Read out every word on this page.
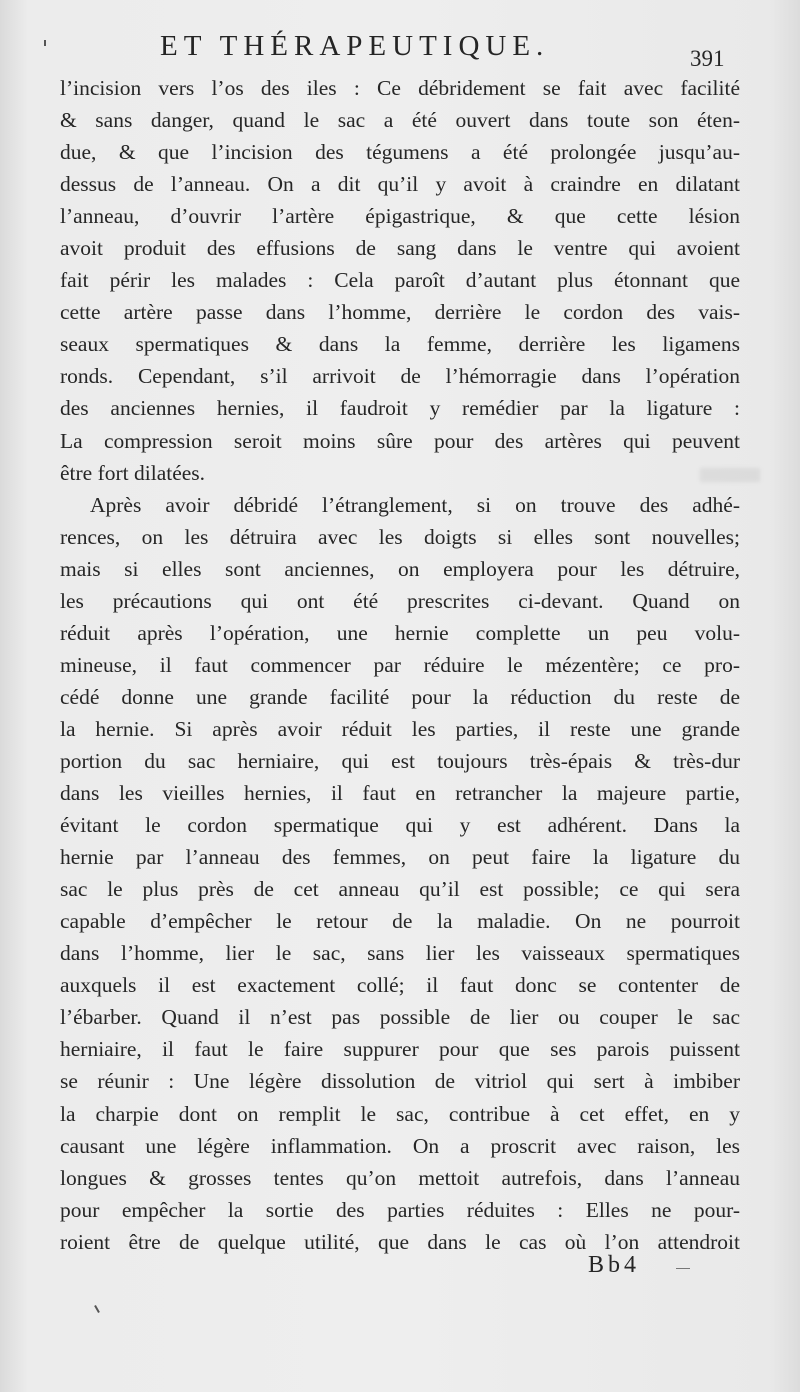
ET THÉRAPEUTIQUE.	391
l’incision vers l’os des iles : Ce débridement se fait avec facilité
& sans danger, quand le sac a été ouvert dans toute son éten-
due, & que l’incision des tégumens a été prolongée jusqu’au-
dessus de l’anneau. On a dit qu’il y avoit à craindre en dilatant
l’anneau, d’ouvrir l’artère épigastrique, & que cette lésion
avoit produit des effusions de sang dans le ventre qui avoient
fait périr les malades : Cela paroît d’autant plus étonnant que
cette artère passe dans l’homme, derrière le cordon des vais-
seaux spermatiques & dans la femme, derrière les ligamens
ronds. Cependant, s’il arrivoit de l’hémorragie dans l’opération
des anciennes hernies, il faudroit y remédier par la ligature :
La compression seroit moins sûre pour des artères qui peuvent
être fort dilatées.
Après avoir débridé l’étranglement, si on trouve des adhé-
rences, on les détruira avec les doigts si elles sont nouvelles;
mais si elles sont anciennes, on employera pour les détruire,
les précautions qui ont été prescrites ci-devant. Quand on
réduit après l’opération, une hernie complette un peu volu-
mineuse, il faut commencer par réduire le mézentère; ce pro-
cédé donne une grande facilité pour la réduction du reste de
la hernie. Si après avoir réduit les parties, il reste une grande
portion du sac herniaire, qui est toujours très-épais & très-dur
dans les vieilles hernies, il faut en retrancher la majeure partie,
évitant le cordon spermatique qui y est adhérent. Dans la
hernie par l’anneau des femmes, on peut faire la ligature du
sac le plus près de cet anneau qu’il est possible; ce qui sera
capable d’empêcher le retour de la maladie. On ne pourroit
dans l’homme, lier le sac, sans lier les vaisseaux spermatiques
auxquels il est exactement collé; il faut donc se contenter de
l’ébarber. Quand il n’est pas possible de lier ou couper le sac
herniaire, il faut le faire suppurer pour que ses parois puissent
se réunir : Une légère dissolution de vitriol qui sert à imbiber
la charpie dont on remplit le sac, contribue à cet effet, en y
causant une légère inflammation. On a proscrit avec raison, les
longues & grosses tentes qu’on mettoit autrefois, dans l’anneau
pour empêcher la sortie des parties réduites : Elles ne pour-
roient être de quelque utilité, que dans le cas où l’on attendroit
Bb4
